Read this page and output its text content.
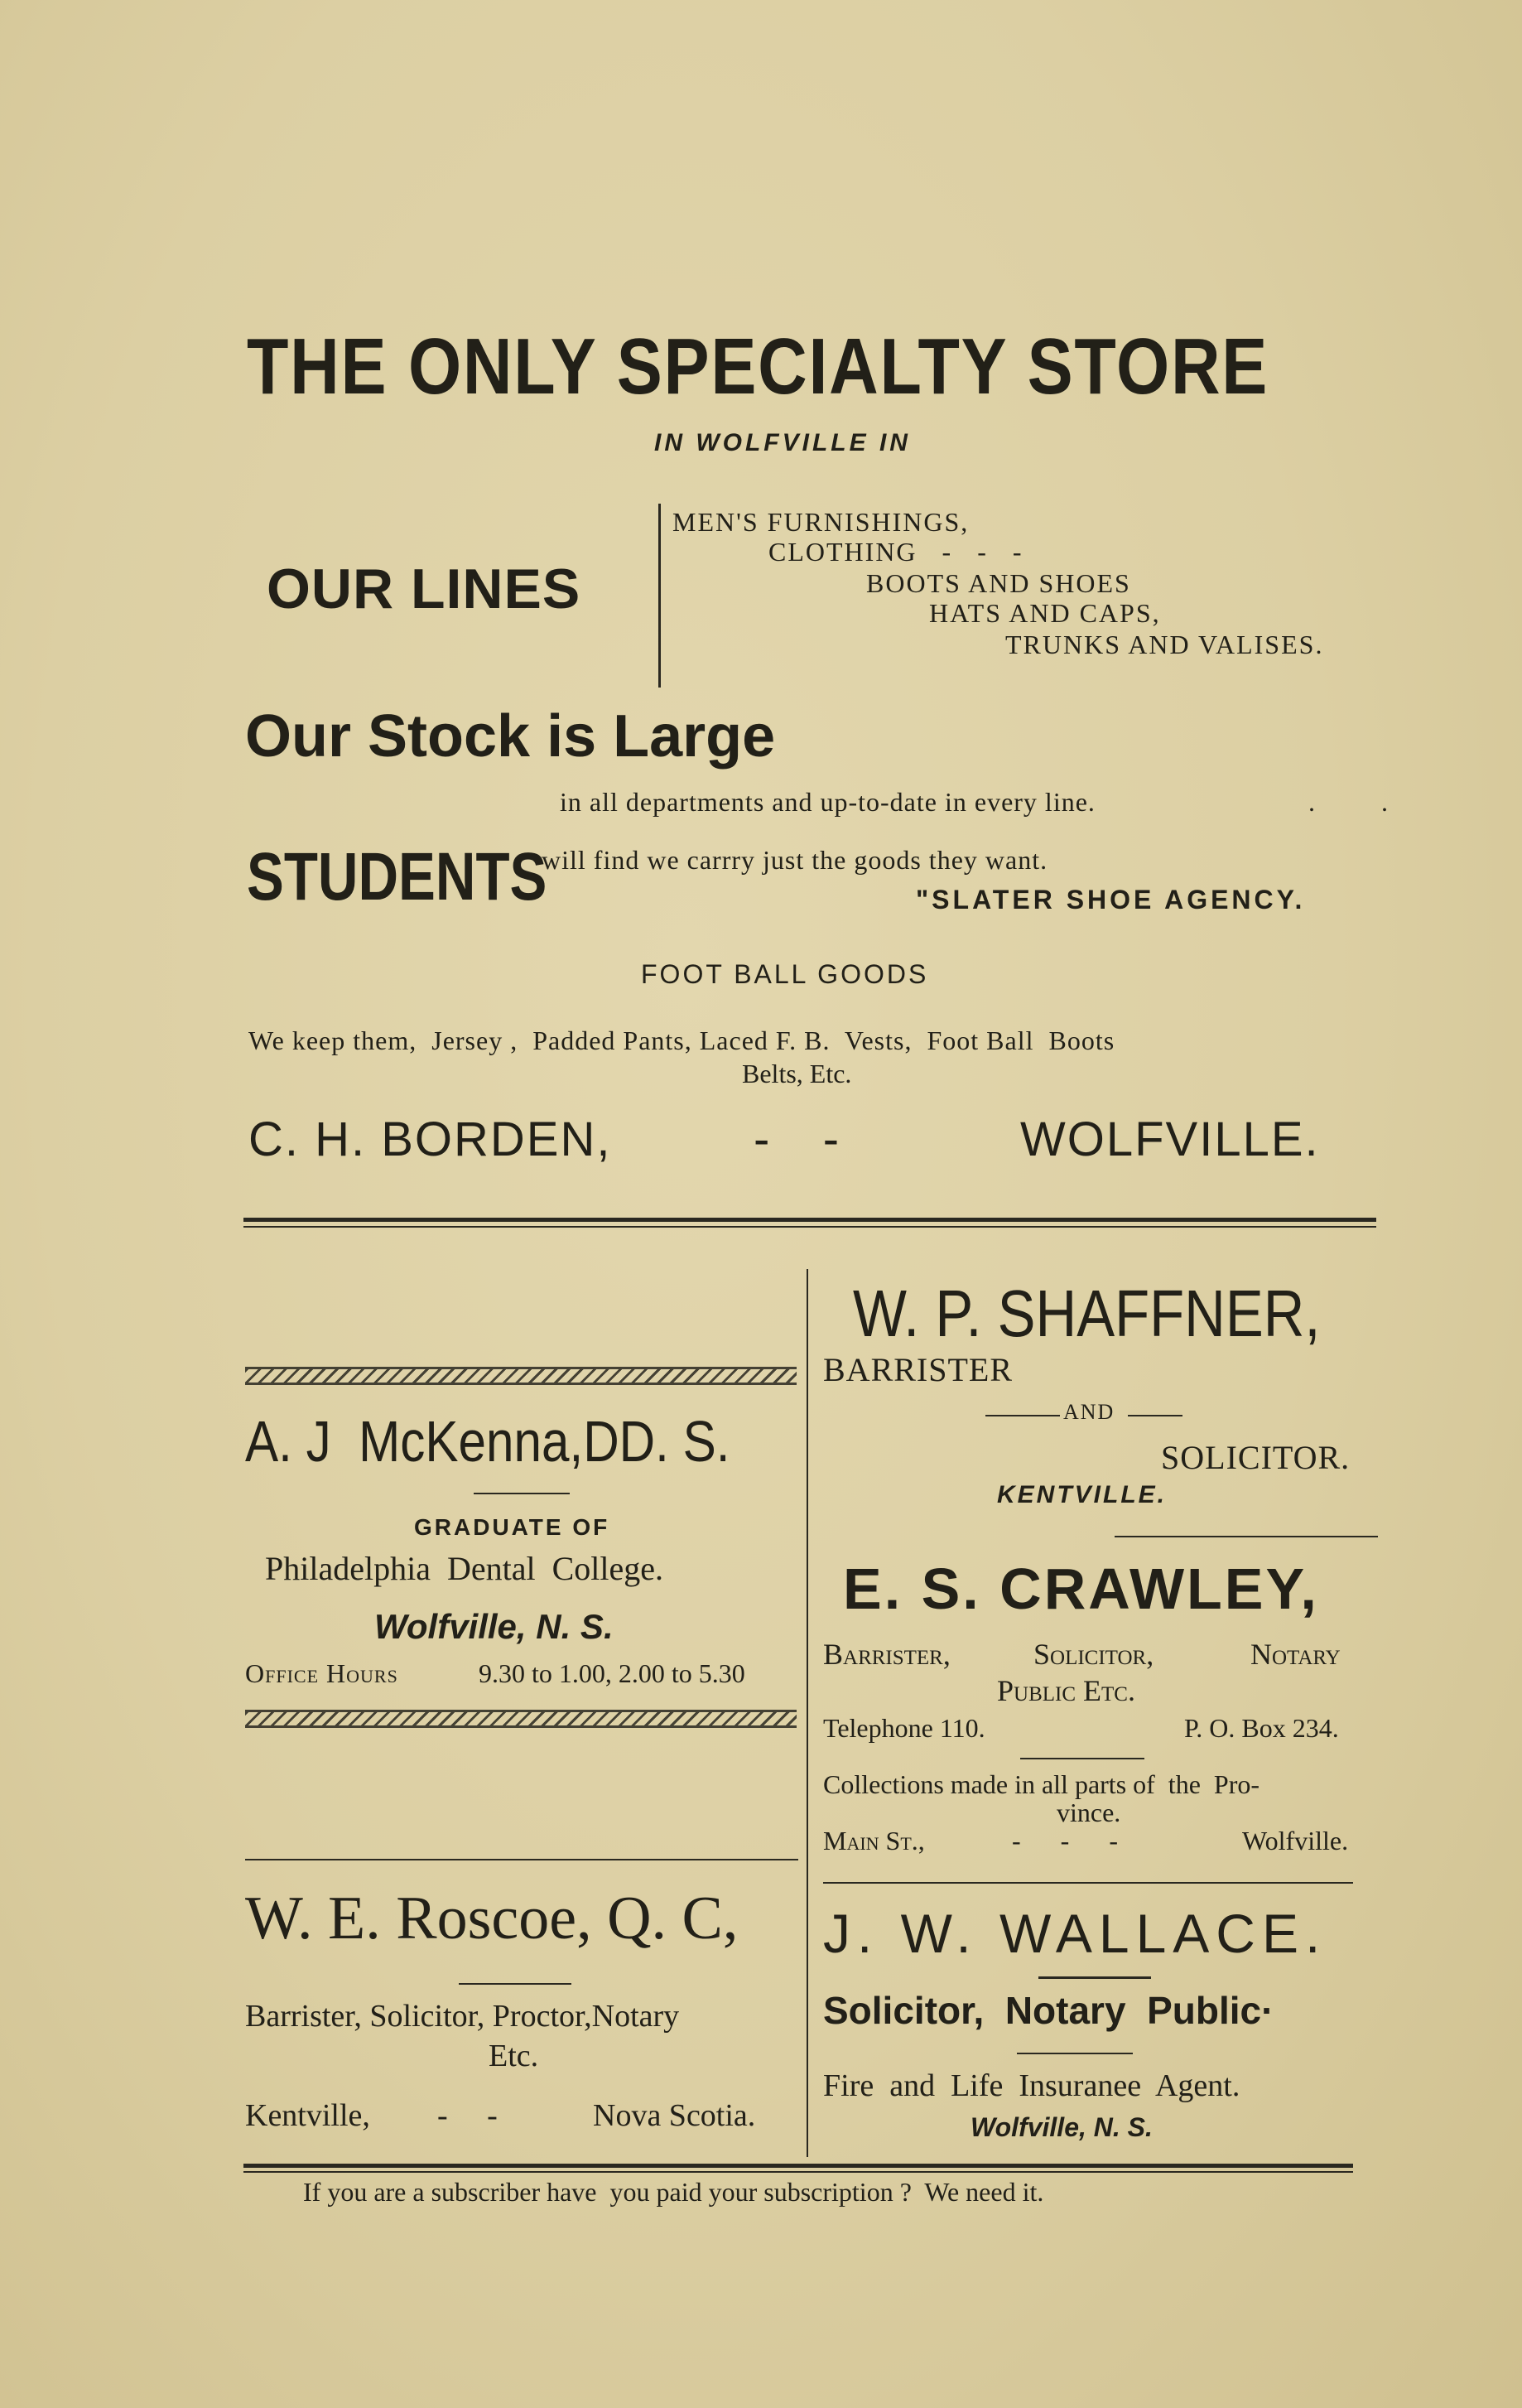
THE ONLY SPECIALTY STORE
IN WOLFVILLE IN
OUR LINES
MEN'S FURNISHINGS,
CLOTHING   -   -   -
BOOTS AND SHOES
HATS AND CAPS,
TRUNKS AND VALISES.
Our Stock is Large
in all departments and up-to-date in every line.	. .
STUDENTS
will find we carrry just the goods they want.
"SLATER SHOE AGENCY.
FOOT BALL GOODS
We keep them,  Jersey ,  Padded Pants, Laced F. B.  Vests,  Foot Ball  Boots
Belts, Etc.
C. H. BORDEN,	-    -	WOLFVILLE.
A. J  McKenna,DD. S.
GRADUATE OF
Philadelphia  Dental  College.
Wolfville, N. S.
Office Hours	9.30 to 1.00, 2.00 to 5.30
W. E. Roscoe, Q. C,
Barrister, Solicitor, Proctor,Notary
Etc.
Kentville, -     -	Nova Scotia.
W. P. SHAFFNER,
BARRISTER
AND
SOLICITOR.
KENTVILLE.
E. S. CRAWLEY,
Barrister,	Solicitor,	Notary
Public Etc.
Telephone 110.	P. O. Box 234.
Collections made in all parts of  the  Pro-
vince.
Main St.,	-      -      -	Wolfville.
J. W. WALLACE.
Solicitor,  Notary  Public·
Fire  and  Life  Insuranee  Agent.
Wolfville, N. S.
If you are a subscriber have  you paid your subscription ?  We need it.
